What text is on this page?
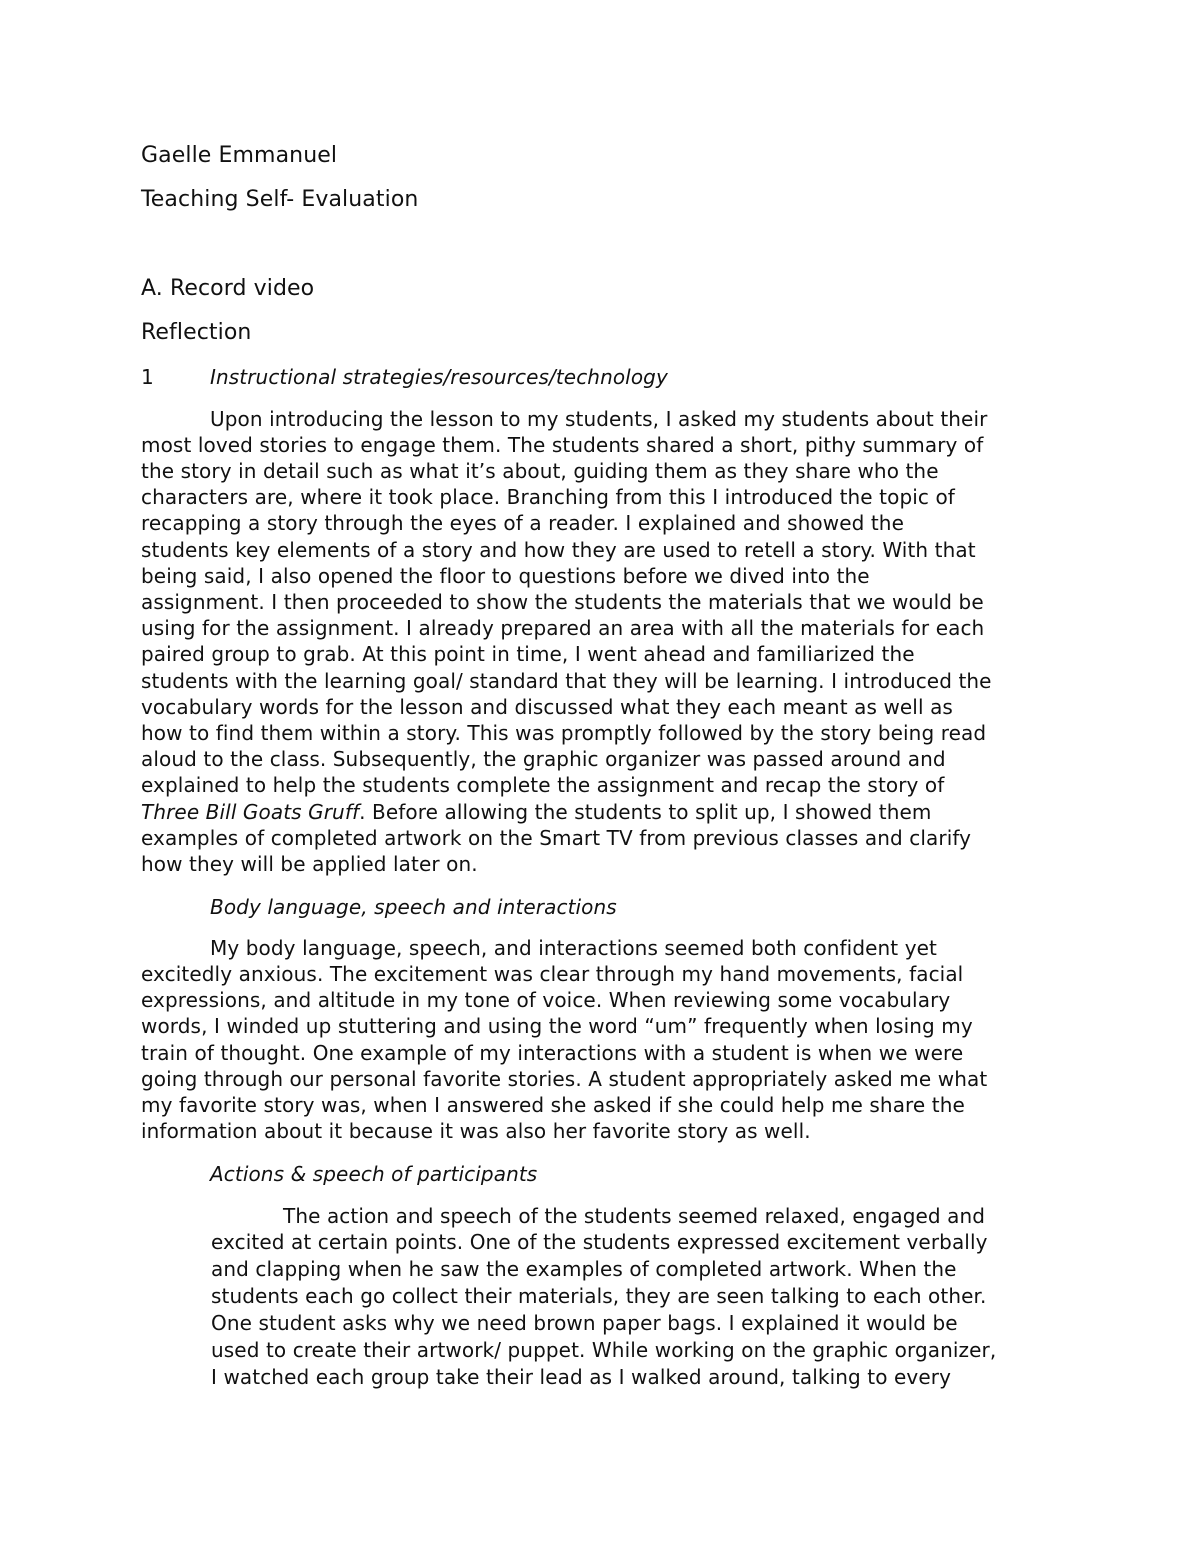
Gaelle Emmanuel
Teaching Self- Evaluation
A. Record video
Reflection
1	Instructional strategies/resources/technology
Upon introducing the lesson to my students, I asked my students about their
most loved stories to engage them. The students shared a short, pithy summary of
the story in detail such as what it’s about, guiding them as they share who the
characters are, where it took place. Branching from this I introduced the topic of
recapping a story through the eyes of a reader. I explained and showed the
students key elements of a story and how they are used to retell a story. With that
being said, I also opened the floor to questions before we dived into the
assignment. I then proceeded to show the students the materials that we would be
using for the assignment. I already prepared an area with all the materials for each
paired group to grab. At this point in time, I went ahead and familiarized the
students with the learning goal/ standard that they will be learning. I introduced the
vocabulary words for the lesson and discussed what they each meant as well as
how to find them within a story. This was promptly followed by the story being read
aloud to the class. Subsequently, the graphic organizer was passed around and
explained to help the students complete the assignment and recap the story of
Three Bill Goats Gruff. Before allowing the students to split up, I showed them
examples of completed artwork on the Smart TV from previous classes and clarify
how they will be applied later on.
Body language, speech and interactions
My body language, speech, and interactions seemed both confident yet
excitedly anxious. The excitement was clear through my hand movements, facial
expressions, and altitude in my tone of voice. When reviewing some vocabulary
words, I winded up stuttering and using the word “um” frequently when losing my
train of thought. One example of my interactions with a student is when we were
going through our personal favorite stories. A student appropriately asked me what
my favorite story was, when I answered she asked if she could help me share the
information about it because it was also her favorite story as well.
Actions & speech of participants
The action and speech of the students seemed relaxed, engaged and
excited at certain points. One of the students expressed excitement verbally
and clapping when he saw the examples of completed artwork. When the
students each go collect their materials, they are seen talking to each other.
One student asks why we need brown paper bags. I explained it would be
used to create their artwork/ puppet. While working on the graphic organizer,
I watched each group take their lead as I walked around, talking to every
